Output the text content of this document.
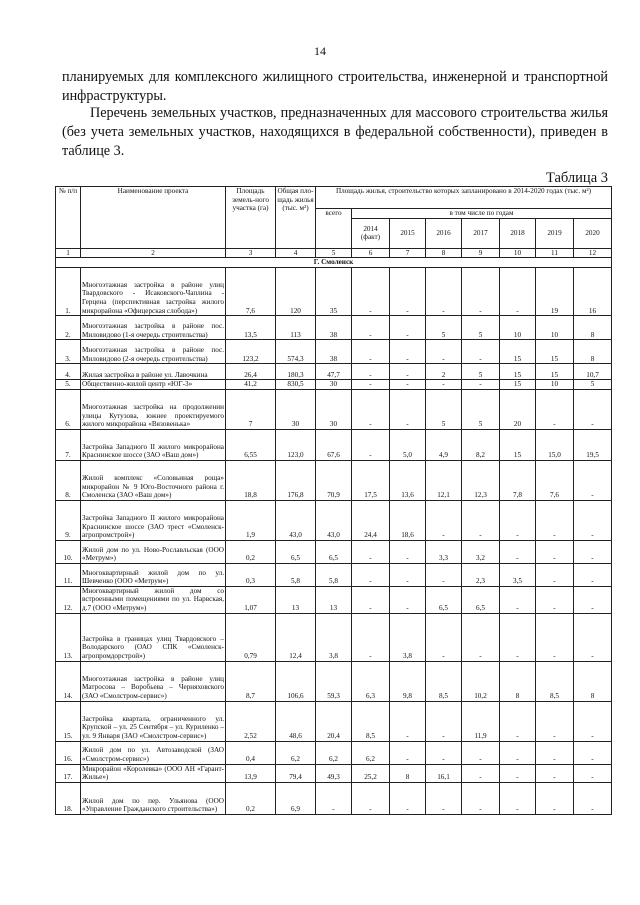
14
планируемых для комплексного жилищного строительства, инженерной и транспортной инфраструктуры.
Перечень земельных участков, предназначенных для массового строительства жилья (без учета земельных участков, находящихся в федеральной собственности), приведен в таблице 3.
Таблица 3
№ п/п	Наименование проекта	Площадь земель-ного участка (га)	Общая пло-щадь жилья (тыс. м²)	Площадь жилья, строительство которых запланировано в 2014-2020 годах (тыс. м²)							
				всего	в том числе по годам						
					2014 (факт)	2015	2016	2017	2018	2019	2020
1	2	3	4	5	6	7	8	9	10	11	12
Г. Смоленск											
1.	Многоэтажная застройка в районе улиц Твардовского - Исаковского-Чаплина - Герцена (перспективная застройка жилого микрорайона «Офицерская слобода»)	7,6	120	35	-	-	-	-	-	19	16
2.	Многоэтажная застройка в районе пос. Миловидово (1-я очередь строительства)	13,5	113	38	-	-	5	5	10	10	8
3.	Многоэтажная застройка в районе пос. Миловидово (2-я очередь строительства)	123,2	574,3	38	-	-	-	-	15	15	8
4.	Жилая застройка в районе ул. Лавочкина	26,4	180,3	47,7	-	-	2	5	15	15	10,7
5.	Общественно-жилой центр «ЮГ-3»	41,2	830,5	30	-	-	-	-	15	10	5
6.	Многоэтажная застройка на продолжении улицы Кутузова, южнее проектируемого жилого микрорайона «Вязовенька»	7	30	30	-	-	5	5	20	-	-
7.	Застройка Западного II жилого микрорайона Краснинское шоссе (ЗАО «Ваш дом»)	6,55	123,0	67,6	-	5,0	4,9	8,2	15	15,0	19,5
8.	Жилой комплекс «Соловьиная роща» микрорайон № 9 Юго-Восточного района г. Смоленска (ЗАО «Ваш дом»)	18,8	176,8	70,9	17,5	13,6	12,1	12,3	7,8	7,6	-
9.	Застройка Западного II жилого микрорайона Краснинское шоссе (ЗАО трест «Смоленск-агропромстрой»)	1,9	43,0	43,0	24,4	18,6	-	-	-	-	-
10.	Жилой дом по ул. Ново-Рославльская (ООО «Метрум»)	0,2	6,5	6,5	-	-	3,3	3,2	-	-	-
11.	Многоквартирный жилой дом по ул. Шевченко (ООО «Метрум»)	0,3	5,8	5,8	-	-	-	2,3	3,5	-	-
12.	Многоквартирный жилой дом со встроенными помещениями по ул. Нарвская, д.7 (ООО «Метрум»)	1,07	13	13	-	-	6,5	6,5	-	-	-
13.	Застройка в границах улиц Твардовского – Володарского (ОАО СПК «Смоленск-агропромдорстрой»)	0,79	12,4	3,8	-	3,8	-	-	-	-	-
14.	Многоэтажная застройка в районе улиц Матросова – Воробьева – Черняховского (ЗАО «Смолстром-сервис»)	8,7	106,6	59,3	6,3	9,8	8,5	10,2	8	8,5	8
15.	Застройка квартала, ограниченного ул. Крупской – ул. 25 Сентября – ул. Куриленко – ул. 9 Января (ЗАО «Смолстром-сервис»)	2,52	48,6	20,4	8,5	-	-	11,9	-	-	-
16.	Жилой дом по ул. Автозаводской (ЗАО «Смолстром-сервис»)	0,4	6,2	6,2	6,2	-	-	-	-	-	-
17.	Микрорайон «Королевка» (ООО АН «Гарант-Жилье»)	13,9	79,4	49,3	25,2	8	16,1	-	-	-	-
18.	Жилой дом по пер. Ульянова (ООО «Управление Гражданского строительства»)	0,2	6,9	-	-	-	-	-	-	-	-
